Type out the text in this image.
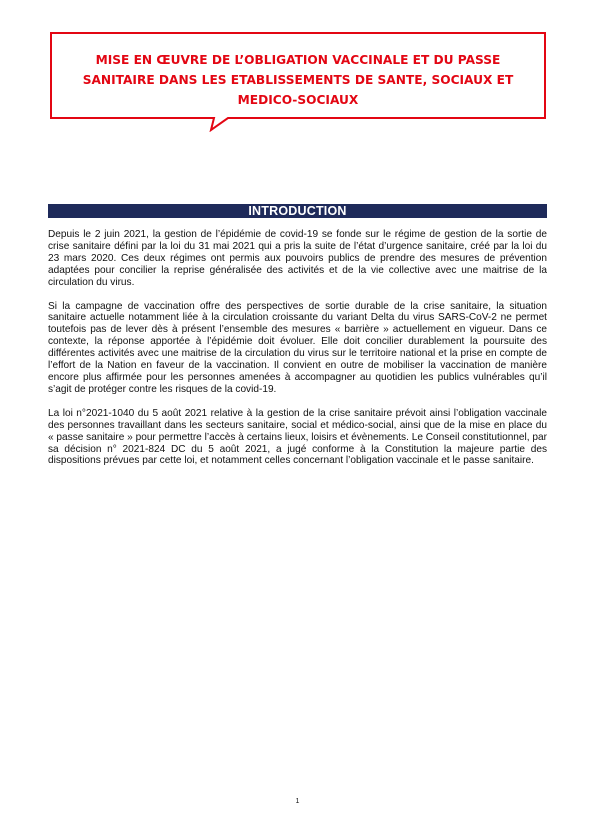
MISE EN ŒUVRE DE L’OBLIGATION VACCINALE ET DU PASSE
SANITAIRE DANS LES ETABLISSEMENTS DE SANTE, SOCIAUX ET
MEDICO-SOCIAUX
INTRODUCTION

Depuis le 2 juin 2021, la gestion de l’épidémie de covid-19 se fonde sur le régime de gestion de la sortie de crise sanitaire défini par la loi du 31 mai 2021 qui a pris la suite de l’état d’urgence sanitaire, créé par la loi du 23 mars 2020. Ces deux régimes ont permis aux pouvoirs publics de prendre des mesures de prévention adaptées pour concilier la reprise généralisée des activités et de la vie collective avec une maitrise de la circulation du virus.

Si la campagne de vaccination offre des perspectives de sortie durable de la crise sanitaire, la situation sanitaire actuelle notamment liée à la circulation croissante du variant Delta du virus SARS-CoV-2 ne permet toutefois pas de lever dès à présent l’ensemble des mesures « barrière » actuellement en vigueur. Dans ce contexte, la réponse apportée à l’épidémie doit évoluer. Elle doit concilier durablement la poursuite des différentes activités avec une maitrise de la circulation du virus sur le territoire national et la prise en compte de l’effort de la Nation en faveur de la vaccination. Il convient en outre de mobiliser la vaccination de manière encore plus affirmée pour les personnes amenées à accompagner au quotidien les publics vulnérables qu’il s’agit de protéger contre les risques de la covid-19.

La loi n°2021-1040 du 5 août 2021 relative à la gestion de la crise sanitaire prévoit ainsi l’obligation vaccinale des personnes travaillant dans les secteurs sanitaire, social et médico-social, ainsi que de la mise en place du « passe sanitaire » pour permettre l’accès à certains lieux, loisirs et évènements. Le Conseil constitutionnel, par sa décision n° 2021-824 DC du 5 août 2021, a jugé conforme à la Constitution la majeure partie des dispositions prévues par cette loi, et notamment celles concernant l’obligation vaccinale et le passe sanitaire.

1
